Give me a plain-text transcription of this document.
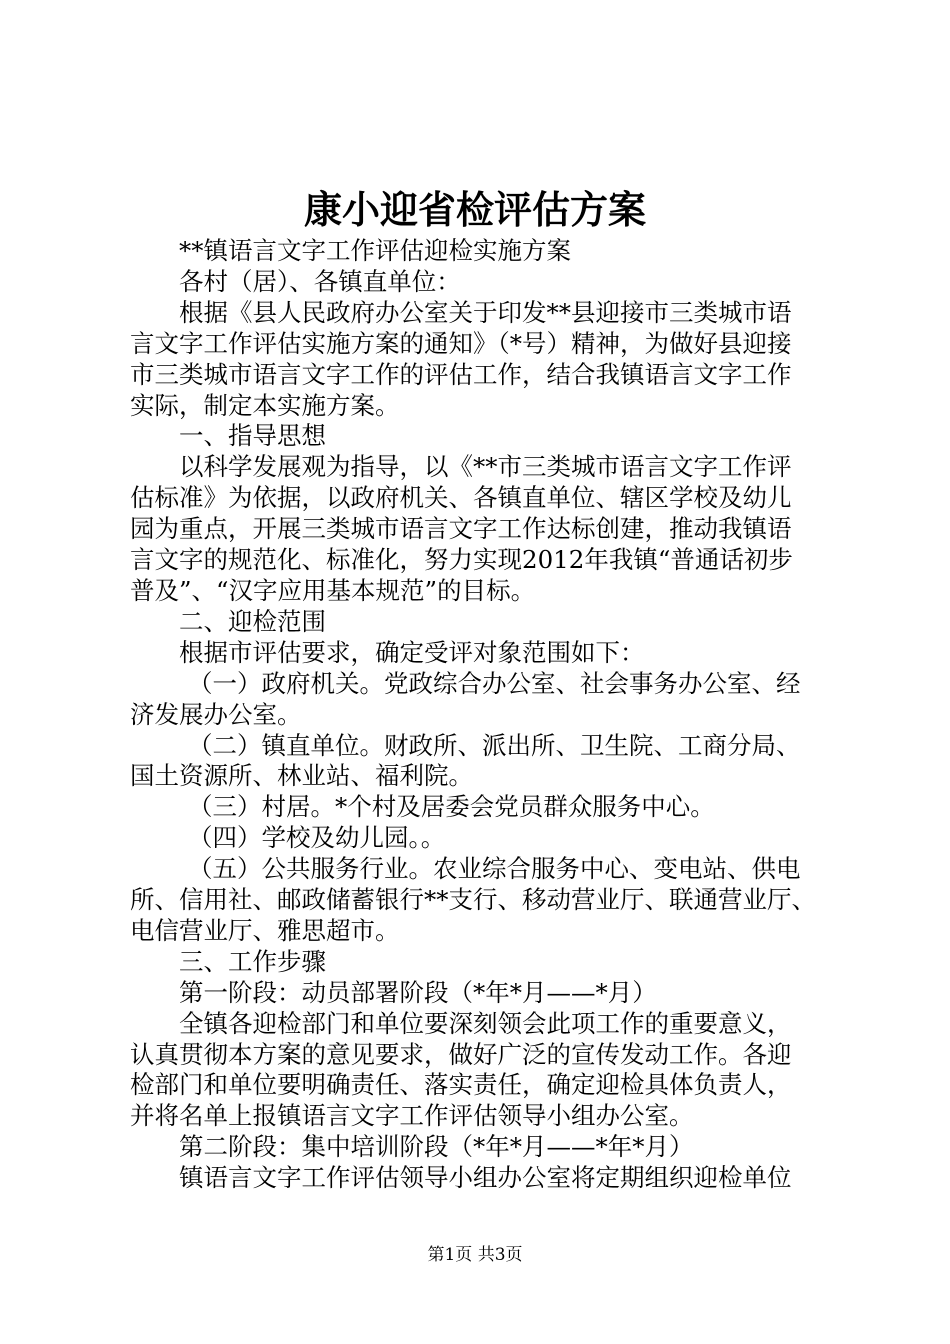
康小迎省检评估方案

**镇语言文字工作评估迎检实施方案

各村（居）、各镇直单位：

根据《县人民政府办公室关于印发**县迎接市三类城市语

言文字工作评估实施方案的通知》（*号）精神，为做好县迎接

市三类城市语言文字工作的评估工作，结合我镇语言文字工作

实际，制定本实施方案。

一、指导思想

以科学发展观为指导，以《**市三类城市语言文字工作评

估标准》为依据，以政府机关、各镇直单位、辖区学校及幼儿

园为重点，开展三类城市语言文字工作达标创建，推动我镇语

言文字的规范化、标准化，努力实现2012年我镇“普通话初步

普及”、“汉字应用基本规范”的目标。

二、迎检范围

根据市评估要求，确定受评对象范围如下：

（一）政府机关。党政综合办公室、社会事务办公室、经

济发展办公室。

（二）镇直单位。财政所、派出所、卫生院、工商分局、

国土资源所、林业站、福利院。

（三）村居。*个村及居委会党员群众服务中心。

（四）学校及幼儿园。。

（五）公共服务行业。农业综合服务中心、变电站、供电

所、信用社、邮政储蓄银行**支行、移动营业厅、联通营业厅、

电信营业厅、雅思超市。

三、工作步骤

第一阶段：动员部署阶段（*年*月——*月）

全镇各迎检部门和单位要深刻领会此项工作的重要意义，

认真贯彻本方案的意见要求，做好广泛的宣传发动工作。各迎

检部门和单位要明确责任、落实责任，确定迎检具体负责人，

并将名单上报镇语言文字工作评估领导小组办公室。

第二阶段：集中培训阶段（*年*月——*年*月）

镇语言文字工作评估领导小组办公室将定期组织迎检单位

第1页 共3页
